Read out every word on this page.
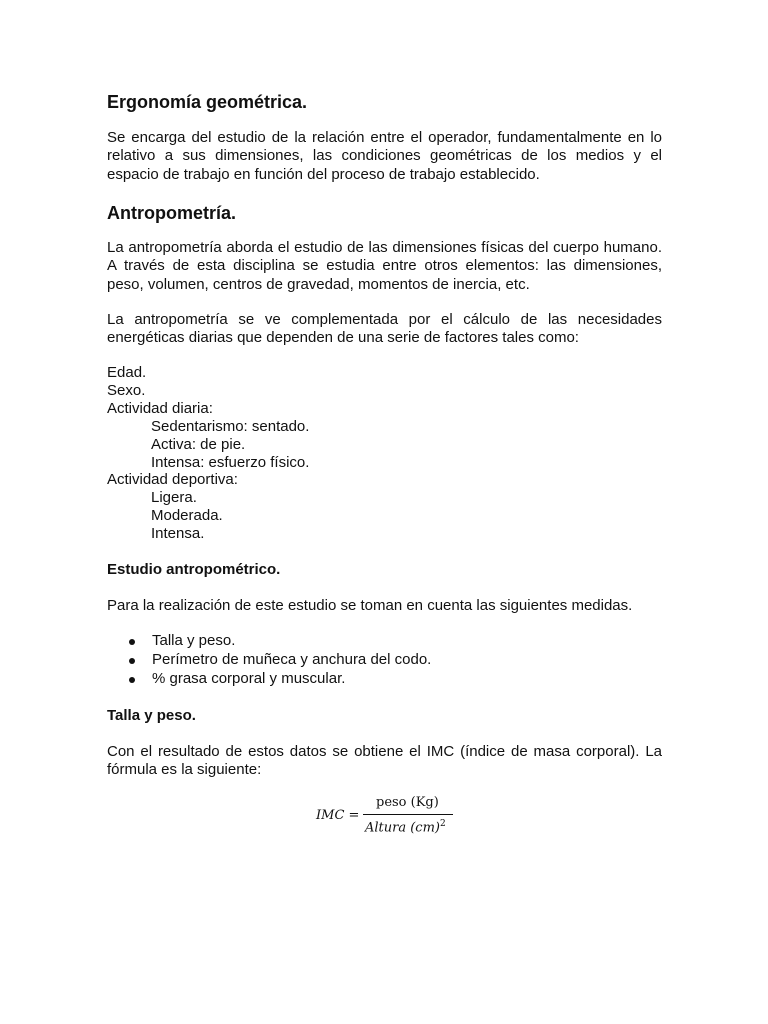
Ergonomía geométrica.
Se encarga del estudio de la relación entre el operador, fundamentalmente en lo
relativo a sus dimensiones, las condiciones geométricas de los medios y el
espacio de trabajo en función del proceso de trabajo establecido.
Antropometría.
La antropometría aborda el estudio de las dimensiones físicas del cuerpo humano.
A través de esta disciplina se estudia entre otros elementos: las dimensiones,
peso, volumen, centros de gravedad, momentos de inercia, etc.
La antropometría se ve complementada por el cálculo de las necesidades
energéticas diarias que dependen de una serie de factores tales como:
Edad.
Sexo.
Actividad diaria:
Sedentarismo: sentado.
Activa: de pie.
Intensa: esfuerzo físico.
Actividad deportiva:
Ligera.
Moderada.
Intensa.
Estudio antropométrico.
Para la realización de este estudio se toman en cuenta las siguientes medidas.
Talla y peso.
Perímetro de muñeca y anchura del codo.
% grasa corporal y muscular.
Talla y peso.
Con el resultado de estos datos se obtiene el IMC (índice de masa corporal). La
fórmula es la siguiente:
IMC =
peso (Kg)
Altura (cm)$^2$
